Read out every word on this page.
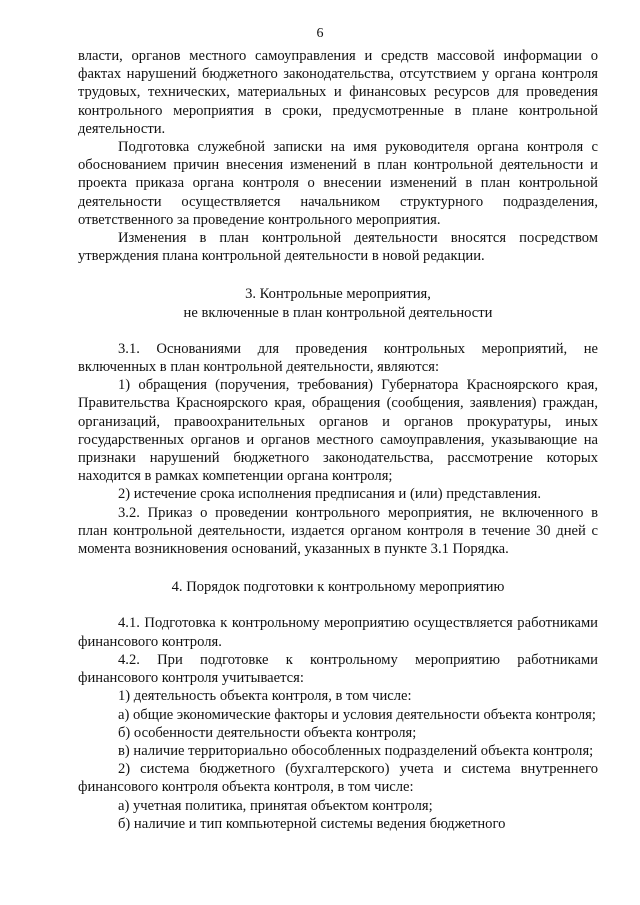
6

власти, органов местного самоуправления и средств массовой информации о фактах нарушений бюджетного законодательства, отсутствием у органа контроля трудовых, технических, материальных и финансовых ресурсов для проведения контрольного мероприятия в сроки, предусмотренные в плане контрольной деятельности.

Подготовка служебной записки на имя руководителя органа контроля с обоснованием причин внесения изменений в план контрольной деятельности и проекта приказа органа контроля о внесении изменений в план контрольной деятельности осуществляется начальником структурного подразделения, ответственного за проведение контрольного мероприятия.

Изменения в план контрольной деятельности вносятся посредством утверждения плана контрольной деятельности в новой редакции.

3. Контрольные мероприятия,

не включенные в план контрольной деятельности

3.1. Основаниями для проведения контрольных мероприятий, не включенных в план контрольной деятельности, являются:

1) обращения (поручения, требования) Губернатора Красноярского края, Правительства Красноярского края, обращения (сообщения, заявления) граждан, организаций, правоохранительных органов и органов прокуратуры, иных государственных органов и органов местного самоуправления, указывающие на признаки нарушений бюджетного законодательства, рассмотрение которых находится в рамках компетенции органа контроля;

2) истечение срока исполнения предписания и (или) представления.

3.2. Приказ о проведении контрольного мероприятия, не включенного в план контрольной деятельности, издается органом контроля в течение 30 дней с момента возникновения оснований, указанных в пункте 3.1 Порядка.

4. Порядок подготовки к контрольному мероприятию

4.1. Подготовка к контрольному мероприятию осуществляется работниками финансового контроля.

4.2. При подготовке к контрольному мероприятию работниками финансового контроля учитывается:

1) деятельность объекта контроля, в том числе:

а) общие экономические факторы и условия деятельности объекта контроля;

б) особенности деятельности объекта контроля;

в) наличие территориально обособленных подразделений объекта контроля;

2) система бюджетного (бухгалтерского) учета и система внутреннего финансового контроля объекта контроля, в том числе:

а) учетная политика, принятая объектом контроля;

б) наличие и тип компьютерной системы ведения бюджетного
